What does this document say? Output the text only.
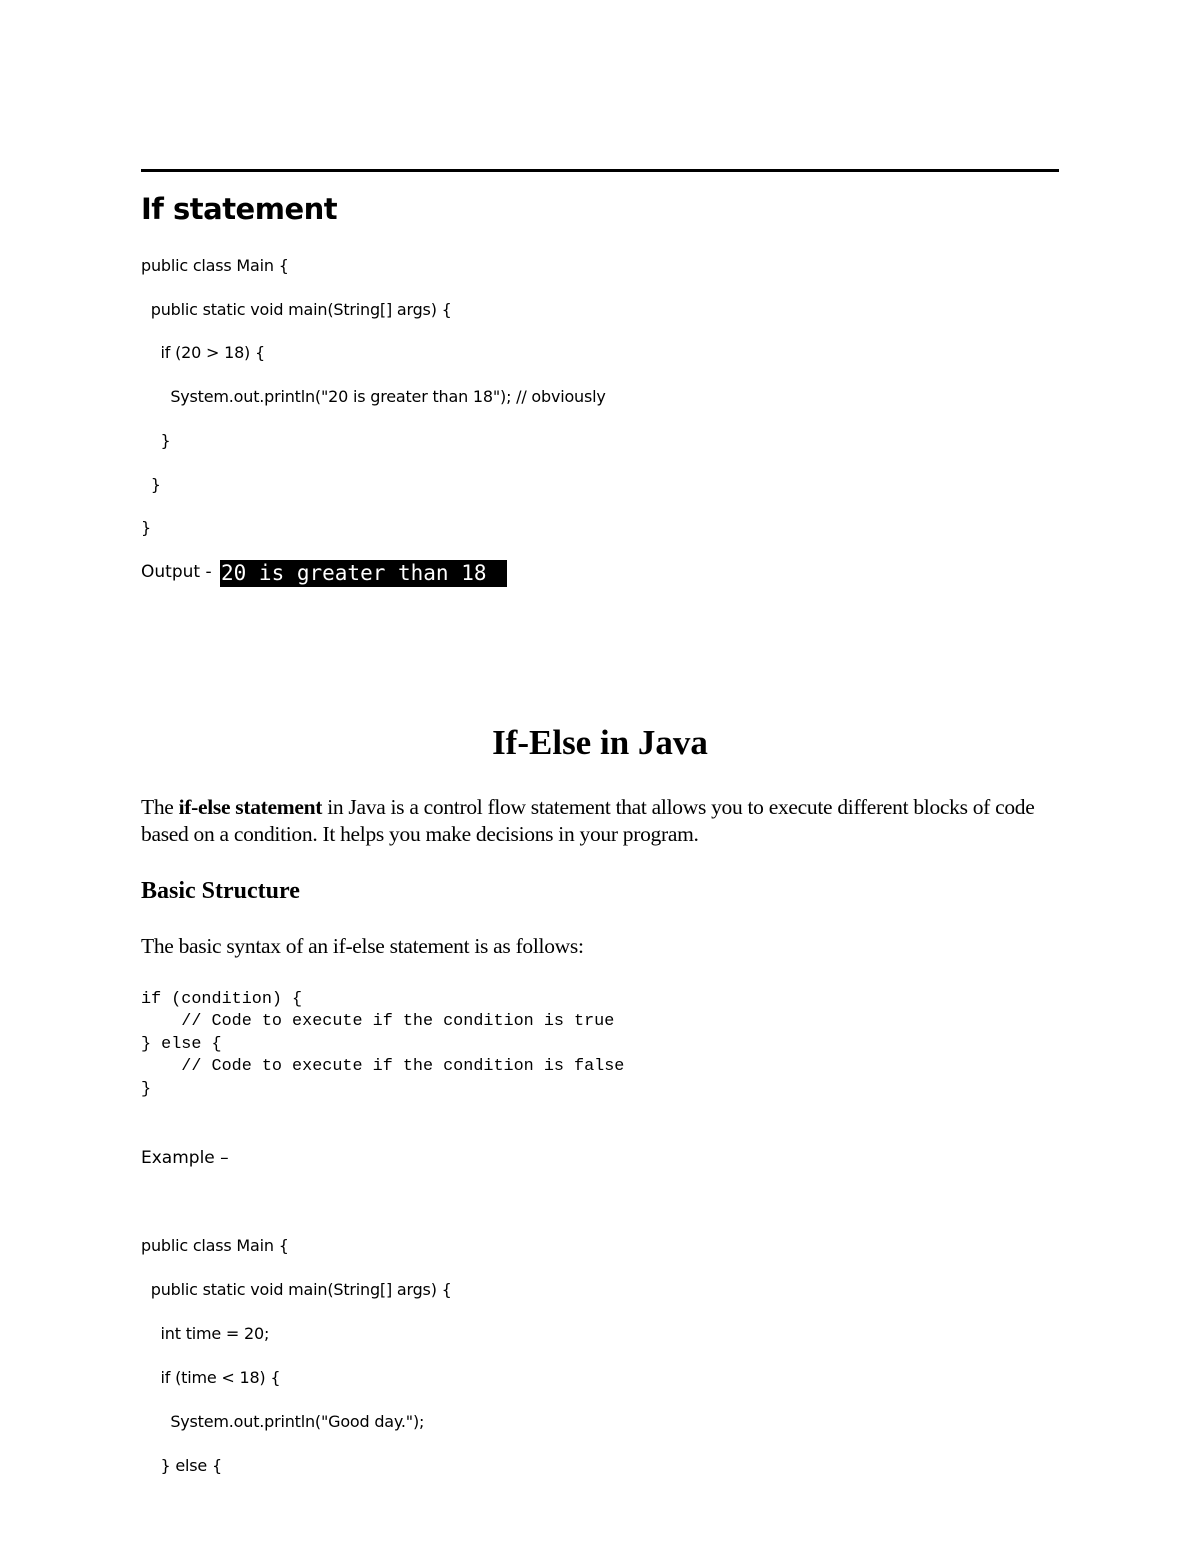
If statement
public class Main {
public static void main(String[] args) {
if (20 > 18) {
System.out.println("20 is greater than 18"); // obviously
}
}
}
Output - 20 is greater than 18
If-Else in Java
The if-else statement in Java is a control flow statement that allows you to execute different blocks of code based on a condition. It helps you make decisions in your program.
Basic Structure
The basic syntax of an if-else statement is as follows:
if (condition) {
// Code to execute if the condition is true
} else {
// Code to execute if the condition is false
}
Example –
public class Main {
public static void main(String[] args) {
int time = 20;
if (time < 18) {
System.out.println("Good day.");
} else {
